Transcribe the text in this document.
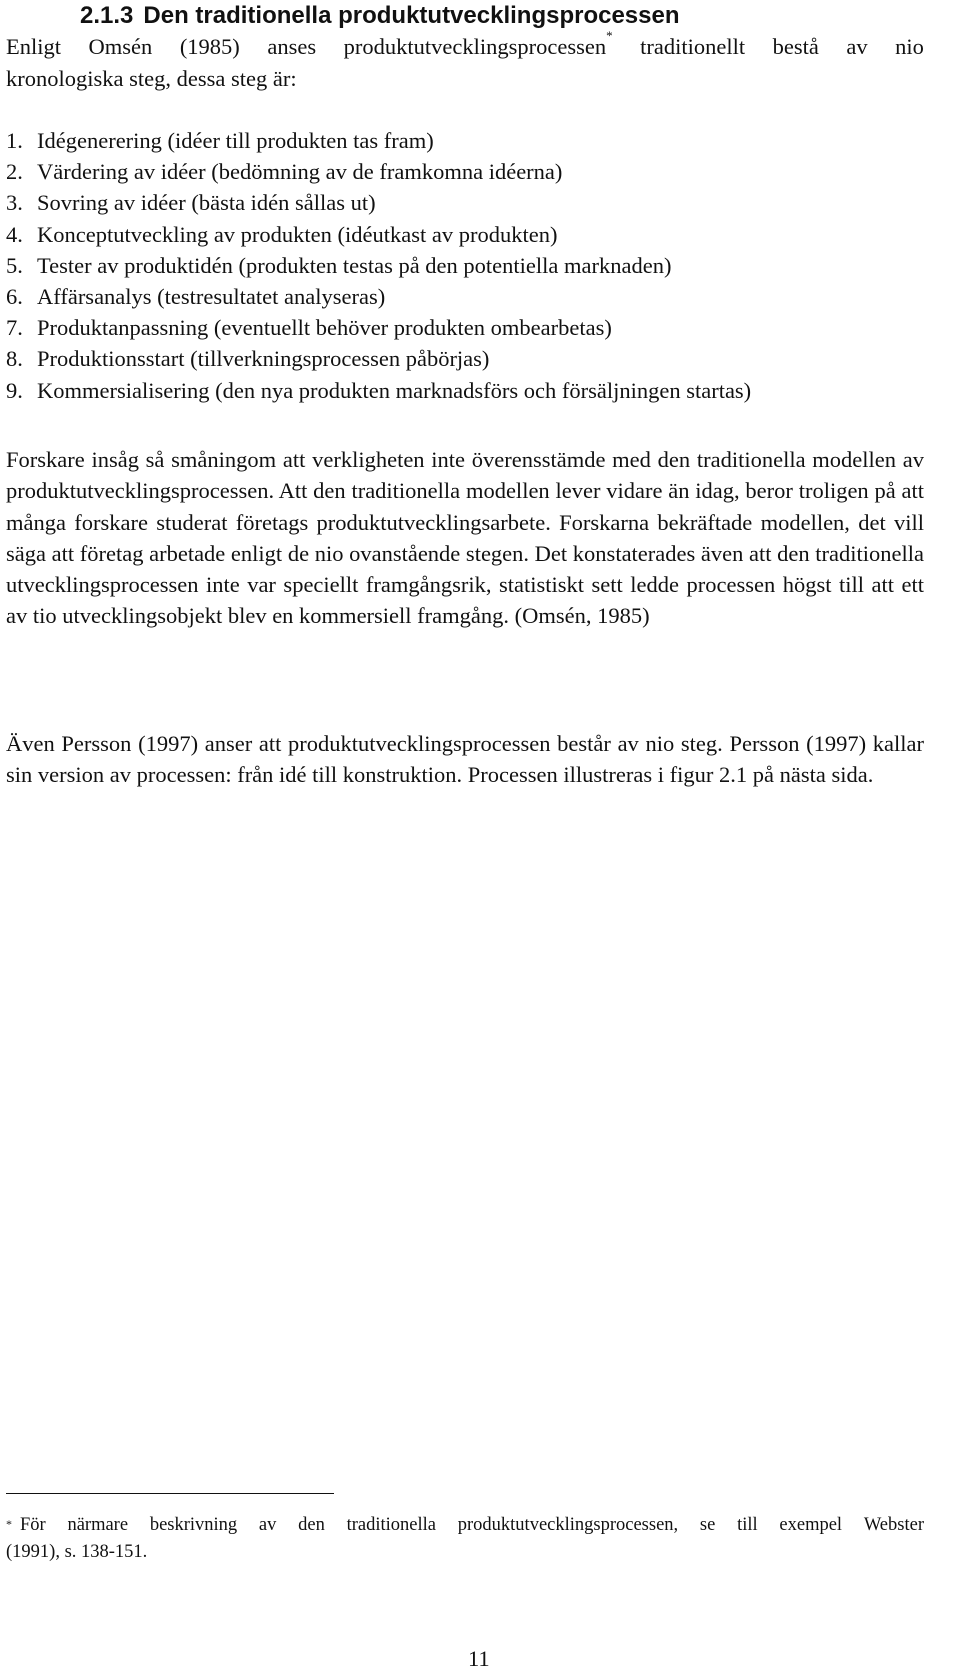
2.1.3 Den traditionella produktutvecklingsprocessen
Enligt Omsén (1985) anses produktutvecklingsprocessen* traditionellt bestå av nio
kronologiska steg, dessa steg är:
1. Idégenerering (idéer till produkten tas fram)
2. Värdering av idéer (bedömning av de framkomna idéerna)
3. Sovring av idéer (bästa idén sållas ut)
4. Konceptutveckling av produkten (idéutkast av produkten)
5. Tester av produktidén (produkten testas på den potentiella marknaden)
6. Affärsanalys (testresultatet analyseras)
7. Produktanpassning (eventuellt behöver produkten ombearbetas)
8. Produktionsstart (tillverkningsprocessen påbörjas)
9. Kommersialisering (den nya produkten marknadsförs och försäljningen startas)

Forskare insåg så småningom att verkligheten inte överensstämde med den traditionella modellen av produktutvecklingsprocessen. Att den traditionella modellen lever vidare än idag, beror troligen på att många forskare studerat företags produktutvecklingsarbete. Forskarna bekräftade modellen, det vill säga att företag arbetade enligt de nio ovanstående stegen. Det konstaterades även att den traditionella utvecklingsprocessen inte var speciellt framgångsrik, statistiskt sett ledde processen högst till att ett av tio utvecklingsobjekt blev en kommersiell framgång. (Omsén, 1985)

Även Persson (1997) anser att produktutvecklingsprocessen består av nio steg. Persson (1997) kallar sin version av processen: från idé till konstruktion. Processen illustreras i figur 2.1 på nästa sida.

* För närmare beskrivning av den traditionella produktutvecklingsprocessen, se till exempel Webster
(1991), s. 138-151.
11
